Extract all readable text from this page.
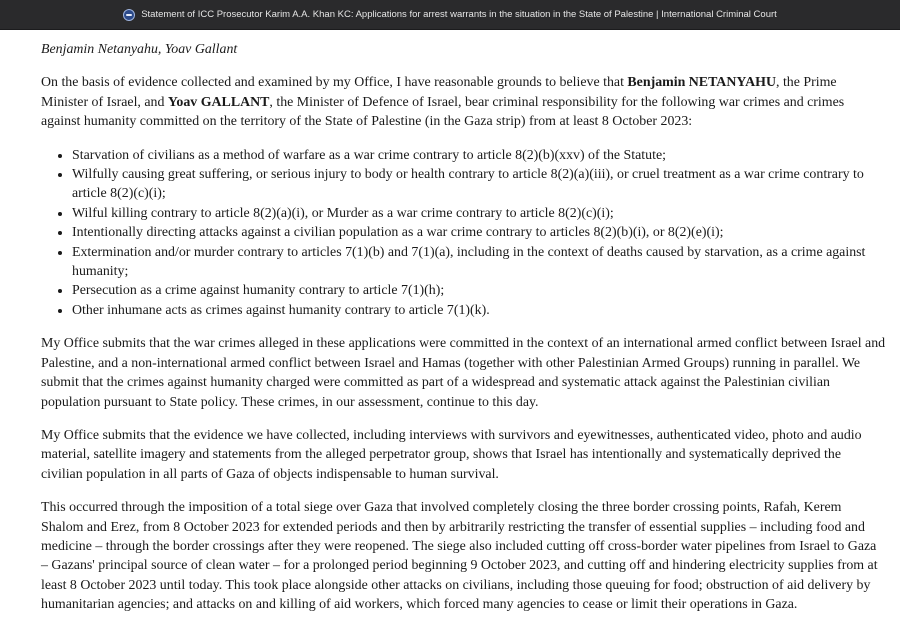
Statement of ICC Prosecutor Karim A.A. Khan KC: Applications for arrest warrants in the situation in the State of Palestine | International Criminal Court

Benjamin Netanyahu, Yoav Gallant

On the basis of evidence collected and examined by my Office, I have reasonable grounds to believe that Benjamin NETANYAHU, the Prime Minister of Israel, and Yoav GALLANT, the Minister of Defence of Israel, bear criminal responsibility for the following war crimes and crimes against humanity committed on the territory of the State of Palestine (in the Gaza strip) from at least 8 October 2023:

• Starvation of civilians as a method of warfare as a war crime contrary to article 8(2)(b)(xxv) of the Statute;
• Wilfully causing great suffering, or serious injury to body or health contrary to article 8(2)(a)(iii), or cruel treatment as a war crime contrary to article 8(2)(c)(i);
• Wilful killing contrary to article 8(2)(a)(i), or Murder as a war crime contrary to article 8(2)(c)(i);
• Intentionally directing attacks against a civilian population as a war crime contrary to articles 8(2)(b)(i), or 8(2)(e)(i);
• Extermination and/or murder contrary to articles 7(1)(b) and 7(1)(a), including in the context of deaths caused by starvation, as a crime against humanity;
• Persecution as a crime against humanity contrary to article 7(1)(h);
• Other inhumane acts as crimes against humanity contrary to article 7(1)(k).

My Office submits that the war crimes alleged in these applications were committed in the context of an international armed conflict between Israel and Palestine, and a non-international armed conflict between Israel and Hamas (together with other Palestinian Armed Groups) running in parallel. We submit that the crimes against humanity charged were committed as part of a widespread and systematic attack against the Palestinian civilian population pursuant to State policy. These crimes, in our assessment, continue to this day.

My Office submits that the evidence we have collected, including interviews with survivors and eyewitnesses, authenticated video, photo and audio material, satellite imagery and statements from the alleged perpetrator group, shows that Israel has intentionally and systematically deprived the civilian population in all parts of Gaza of objects indispensable to human survival.

This occurred through the imposition of a total siege over Gaza that involved completely closing the three border crossing points, Rafah, Kerem Shalom and Erez, from 8 October 2023 for extended periods and then by arbitrarily restricting the transfer of essential supplies – including food and medicine – through the border crossings after they were reopened. The siege also included cutting off cross-border water pipelines from Israel to Gaza – Gazans' principal source of clean water – for a prolonged period beginning 9 October 2023, and cutting off and hindering electricity supplies from at least 8 October 2023 until today. This took place alongside other attacks on civilians, including those queuing for food; obstruction of aid delivery by humanitarian agencies; and attacks on and killing of aid workers, which forced many agencies to cease or limit their operations in Gaza.
